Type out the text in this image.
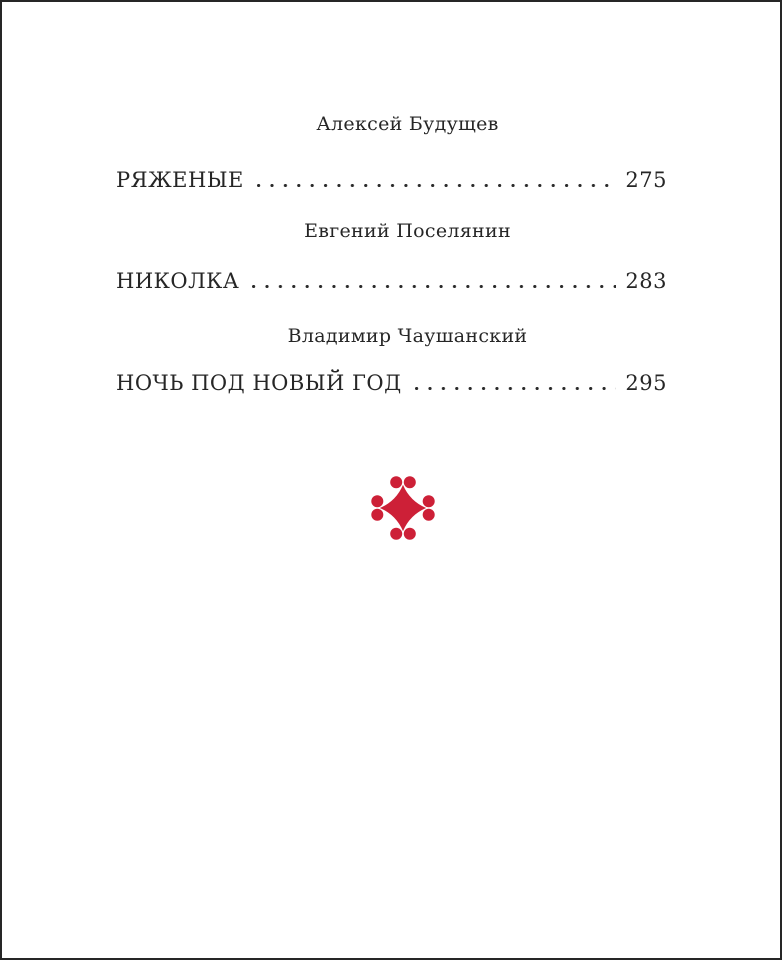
Алексей Будущев
РЯЖЕНЫЕ	275
Евгений Поселянин
НИКОЛКА	283
Владимир Чаушанский
НОЧЬ ПОД НОВЫЙ ГОД	295
